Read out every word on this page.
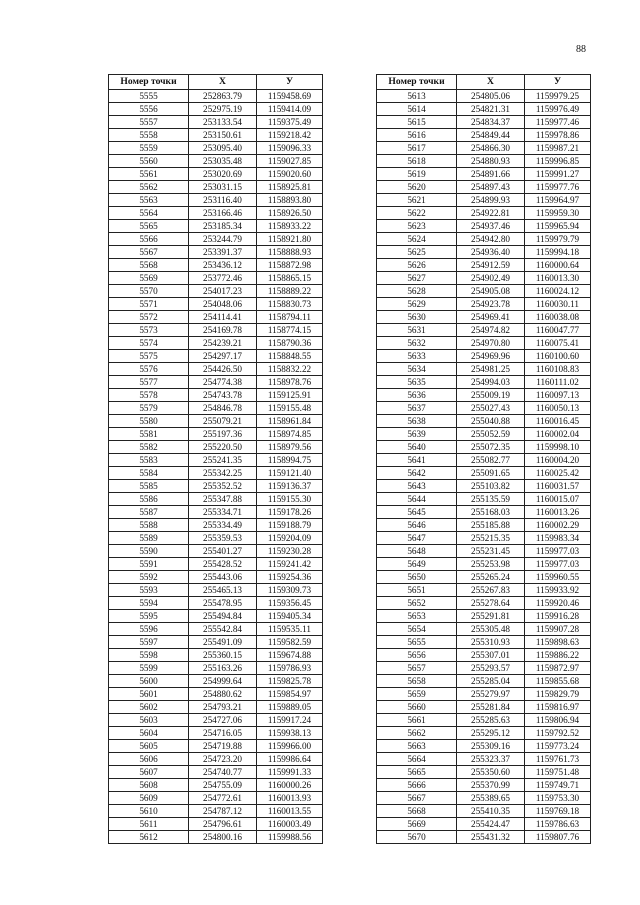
88
Номер точки	X	У
5555	252863.79	1159458.69
5556	252975.19	1159414.09
5557	253133.54	1159375.49
5558	253150.61	1159218.42
5559	253095.40	1159096.33
5560	253035.48	1159027.85
5561	253020.69	1159020.60
5562	253031.15	1158925.81
5563	253116.40	1158893.80
5564	253166.46	1158926.50
5565	253185.34	1158933.22
5566	253244.79	1158921.80
5567	253391.37	1158888.93
5568	253436.12	1158872.98
5569	253772.46	1158865.15
5570	254017.23	1158889.22
5571	254048.06	1158830.73
5572	254114.41	1158794.11
5573	254169.78	1158774.15
5574	254239.21	1158790.36
5575	254297.17	1158848.55
5576	254426.50	1158832.22
5577	254774.38	1158978.76
5578	254743.78	1159125.91
5579	254846.78	1159155.48
5580	255079.21	1158961.84
5581	255197.36	1158974.85
5582	255220.50	1158979.56
5583	255241.35	1158994.75
5584	255342.25	1159121.40
5585	255352.52	1159136.37
5586	255347.88	1159155.30
5587	255334.71	1159178.26
5588	255334.49	1159188.79
5589	255359.53	1159204.09
5590	255401.27	1159230.28
5591	255428.52	1159241.42
5592	255443.06	1159254.36
5593	255465.13	1159309.73
5594	255478.95	1159356.45
5595	255494.84	1159405.34
5596	255542.84	1159535.11
5597	255491.09	1159582.59
5598	255360.15	1159674.88
5599	255163.26	1159786.93
5600	254999.64	1159825.78
5601	254880.62	1159854.97
5602	254793.21	1159889.05
5603	254727.06	1159917.24
5604	254716.05	1159938.13
5605	254719.88	1159966.00
5606	254723.20	1159986.64
5607	254740.77	1159991.33
5608	254755.09	1160000.26
5609	254772.61	1160013.93
5610	254787.12	1160013.55
5611	254796.61	1160003.49
5612	254800.16	1159988.56
Номер точки	X	У
5613	254805.06	1159979.25
5614	254821.31	1159976.49
5615	254834.37	1159977.46
5616	254849.44	1159978.86
5617	254866.30	1159987.21
5618	254880.93	1159996.85
5619	254891.66	1159991.27
5620	254897.43	1159977.76
5621	254899.93	1159964.97
5622	254922.81	1159959.30
5623	254937.46	1159965.94
5624	254942.80	1159979.79
5625	254936.40	1159994.18
5626	254912.59	1160000.64
5627	254902.49	1160013.30
5628	254905.08	1160024.12
5629	254923.78	1160030.11
5630	254969.41	1160038.08
5631	254974.82	1160047.77
5632	254970.80	1160075.41
5633	254969.96	1160100.60
5634	254981.25	1160108.83
5635	254994.03	1160111.02
5636	255009.19	1160097.13
5637	255027.43	1160050.13
5638	255040.88	1160016.45
5639	255052.59	1160002.04
5640	255072.35	1159998.10
5641	255082.77	1160004.20
5642	255091.65	1160025.42
5643	255103.82	1160031.57
5644	255135.59	1160015.07
5645	255168.03	1160013.26
5646	255185.88	1160002.29
5647	255215.35	1159983.34
5648	255231.45	1159977.03
5649	255253.98	1159977.03
5650	255265.24	1159960.55
5651	255267.83	1159933.92
5652	255278.64	1159920.46
5653	255291.81	1159916.28
5654	255305.48	1159907.28
5655	255310.93	1159898.63
5656	255307.01	1159886.22
5657	255293.57	1159872.97
5658	255285.04	1159855.68
5659	255279.97	1159829.79
5660	255281.84	1159816.97
5661	255285.63	1159806.94
5662	255295.12	1159792.52
5663	255309.16	1159773.24
5664	255323.37	1159761.73
5665	255350.60	1159751.48
5666	255370.99	1159749.71
5667	255389.65	1159753.30
5668	255410.35	1159769.18
5669	255424.47	1159786.63
5670	255431.32	1159807.76
